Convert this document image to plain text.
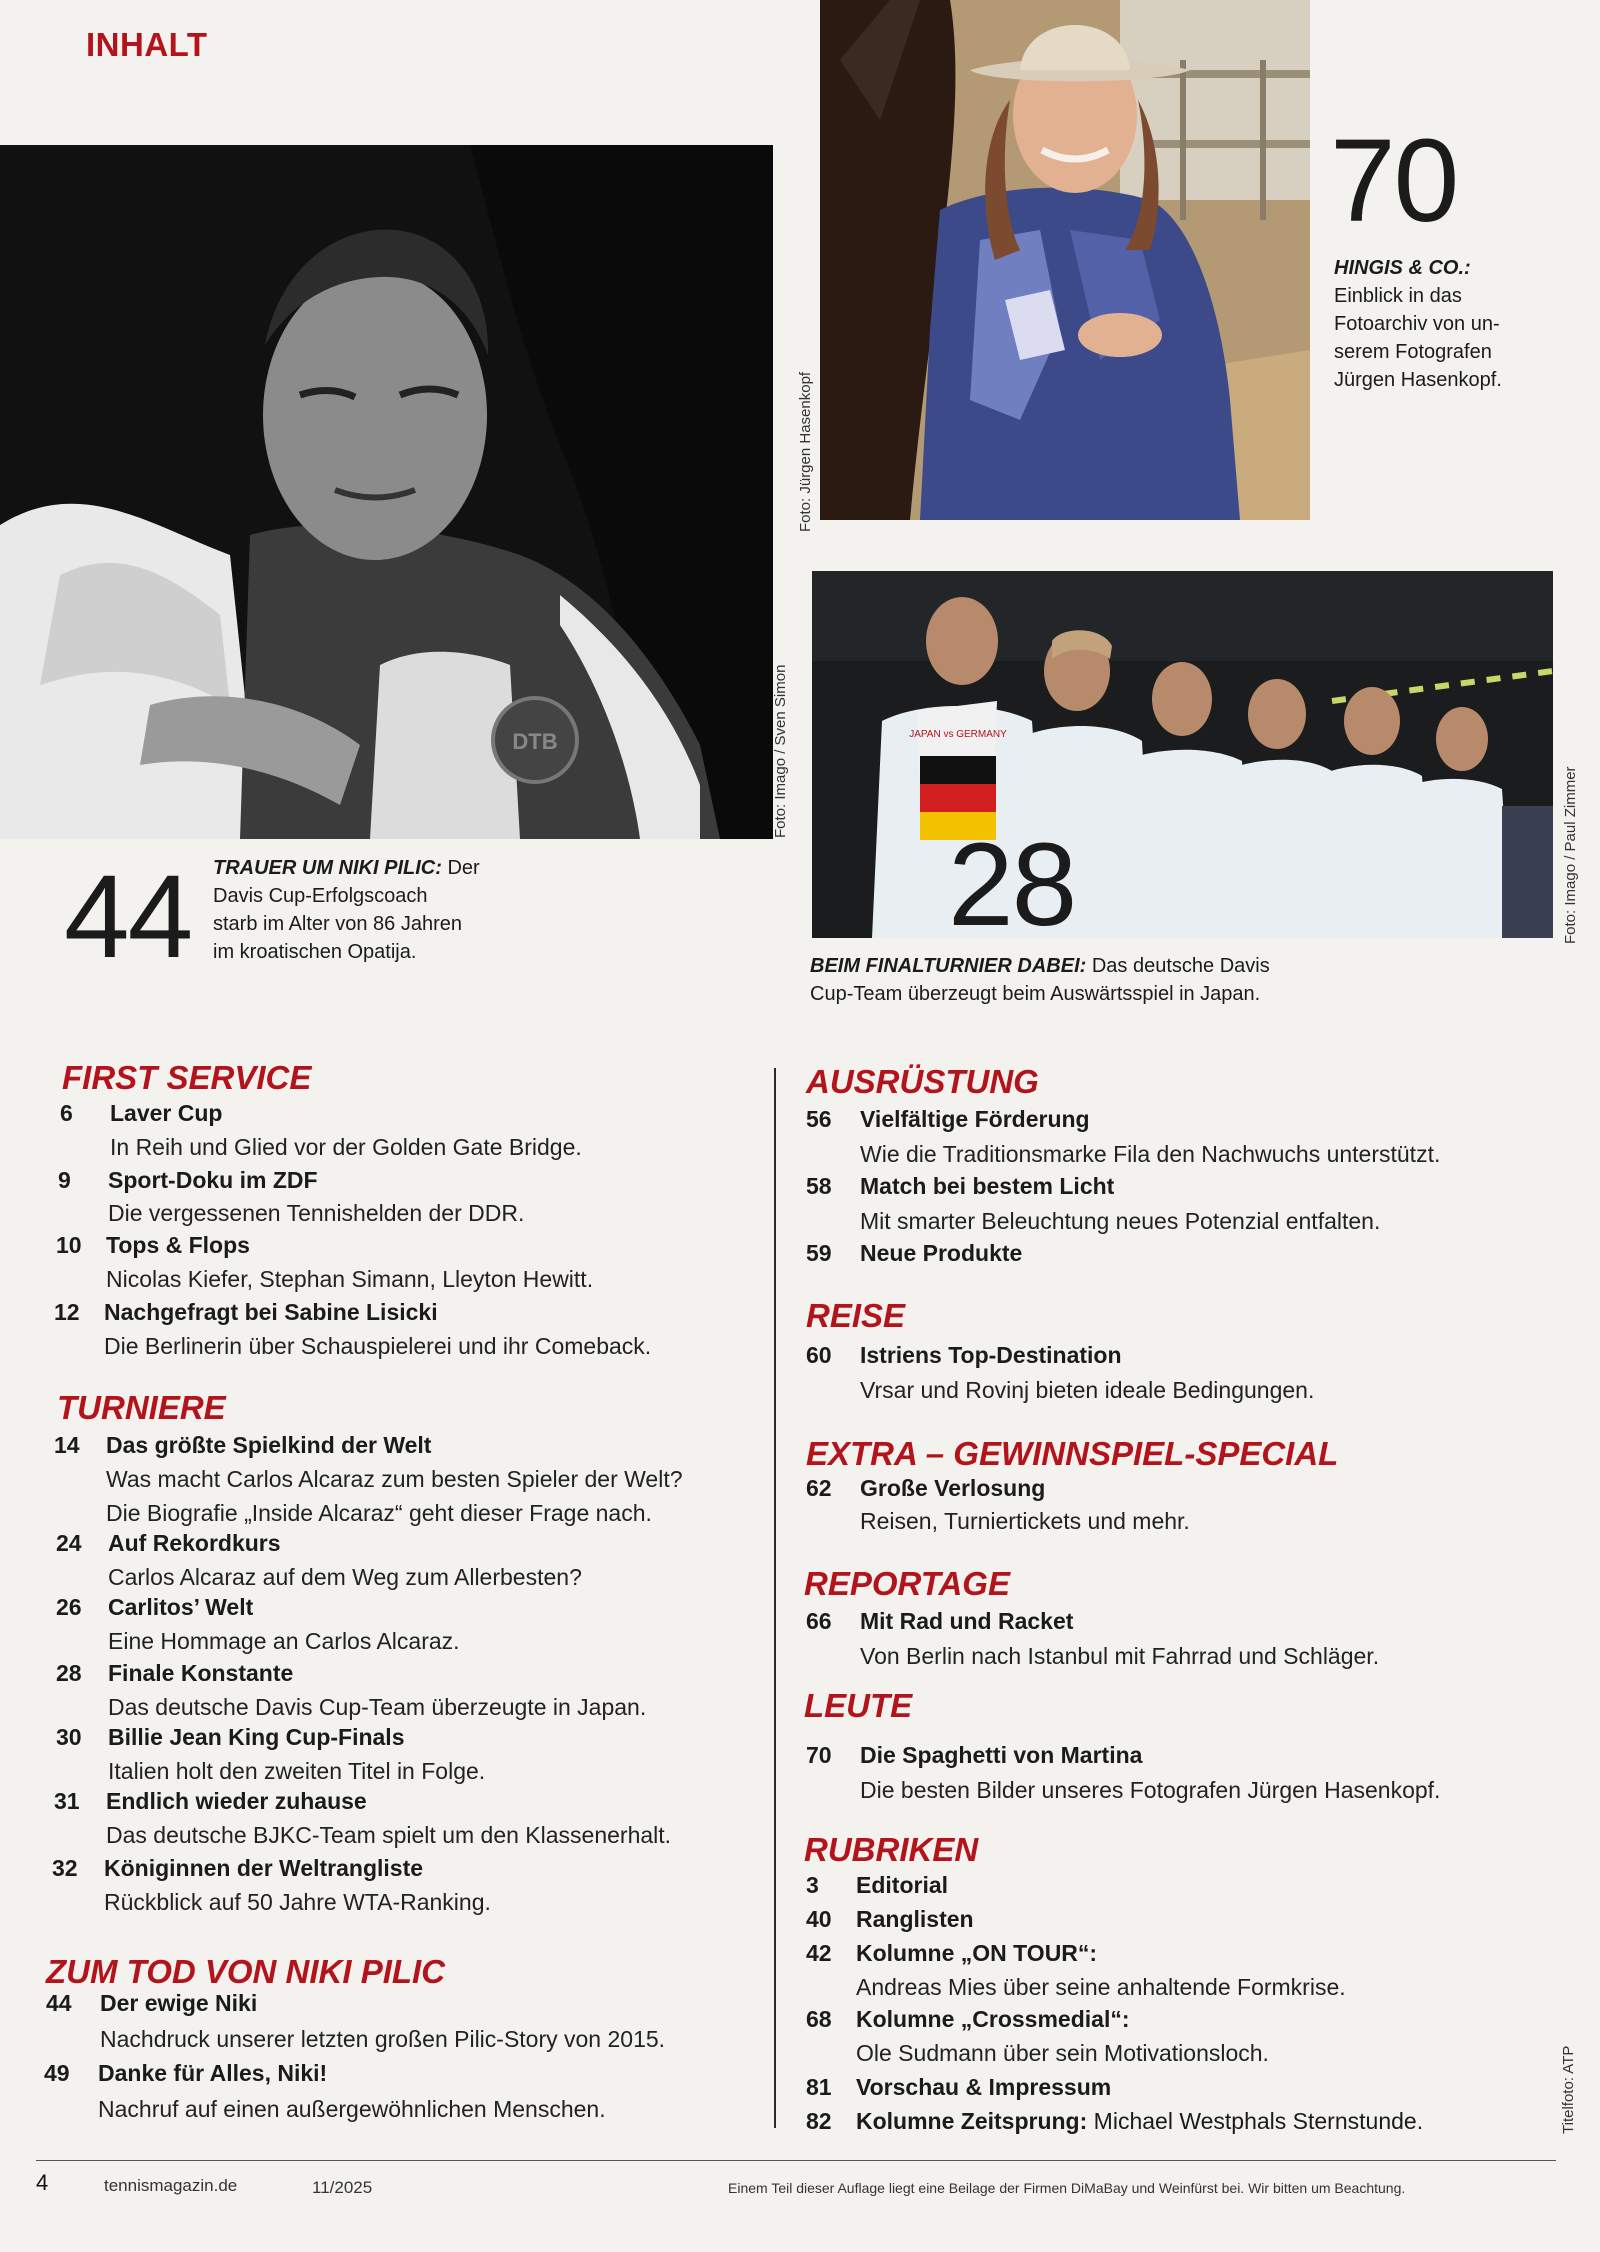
INHALT
DTB	Foto: Imago / Sven Simon
Foto: Jürgen Hasenkopf
70
HINGIS & CO.:
Einblick in das
Fotoarchiv von un-
serem Fotografen
Jürgen Hasenkopf.
JAPAN vs GERMANY
Foto: Imago / Paul Zimmer
28
BEIM FINALTURNIER DABEI: Das deutsche Davis
Cup-Team überzeugt beim Auswärtsspiel in Japan.
44 TRAUER UM NIKI PILIC: Der
Davis Cup-Erfolgscoach
starb im Alter von 86 Jahren
im kroatischen Opatija.
FIRST SERVICE
6 Laver Cup
In Reih und Glied vor der Golden Gate Bridge.
9 Sport-Doku im ZDF
Die vergessenen Tennishelden der DDR.
10 Tops & Flops
Nicolas Kiefer, Stephan Simann, Lleyton Hewitt.
12 Nachgefragt bei Sabine Lisicki
Die Berlinerin über Schauspielerei und ihr Comeback.
TURNIERE
14 Das größte Spielkind der Welt
Was macht Carlos Alcaraz zum besten Spieler der Welt?
Die Biografie „Inside Alcaraz“ geht dieser Frage nach.
24 Auf Rekordkurs
Carlos Alcaraz auf dem Weg zum Allerbesten?
26 Carlitos’ Welt
Eine Hommage an Carlos Alcaraz.
28 Finale Konstante
Das deutsche Davis Cup-Team überzeugte in Japan.
30 Billie Jean King Cup-Finals
Italien holt den zweiten Titel in Folge.
31 Endlich wieder zuhause
Das deutsche BJKC-Team spielt um den Klassenerhalt.
32 Königinnen der Weltrangliste
Rückblick auf 50 Jahre WTA-Ranking.
ZUM TOD VON NIKI PILIC
44 Der ewige Niki
Nachdruck unserer letzten großen Pilic-Story von 2015.
49 Danke für Alles, Niki!
Nachruf auf einen außergewöhnlichen Menschen.
AUSRÜSTUNG
56 Vielfältige Förderung
Wie die Traditionsmarke Fila den Nachwuchs unterstützt.
58 Match bei bestem Licht
Mit smarter Beleuchtung neues Potenzial entfalten.
59 Neue Produkte
REISE
60 Istriens Top-Destination
Vrsar und Rovinj bieten ideale Bedingungen.
EXTRA – GEWINNSPIEL-SPECIAL
62 Große Verlosung
Reisen, Turniertickets und mehr.
REPORTAGE
66 Mit Rad und Racket
Von Berlin nach Istanbul mit Fahrrad und Schläger.
LEUTE
70 Die Spaghetti von Martina
Die besten Bilder unseres Fotografen Jürgen Hasenkopf.
RUBRIKEN
3 Editorial
40 Ranglisten
42 Kolumne „ON TOUR“:
Andreas Mies über seine anhaltende Formkrise.
68 Kolumne „Crossmedial“:
Ole Sudmann über sein Motivationsloch.
81 Vorschau & Impressum
82 Kolumne Zeitsprung: Michael Westphals Sternstunde.	Titelfoto: ATP
4	tennismagazin.de	11/2025	Einem Teil dieser Auflage liegt eine Beilage der Firmen DiMaBay und Weinfürst bei. Wir bitten um Beachtung.
